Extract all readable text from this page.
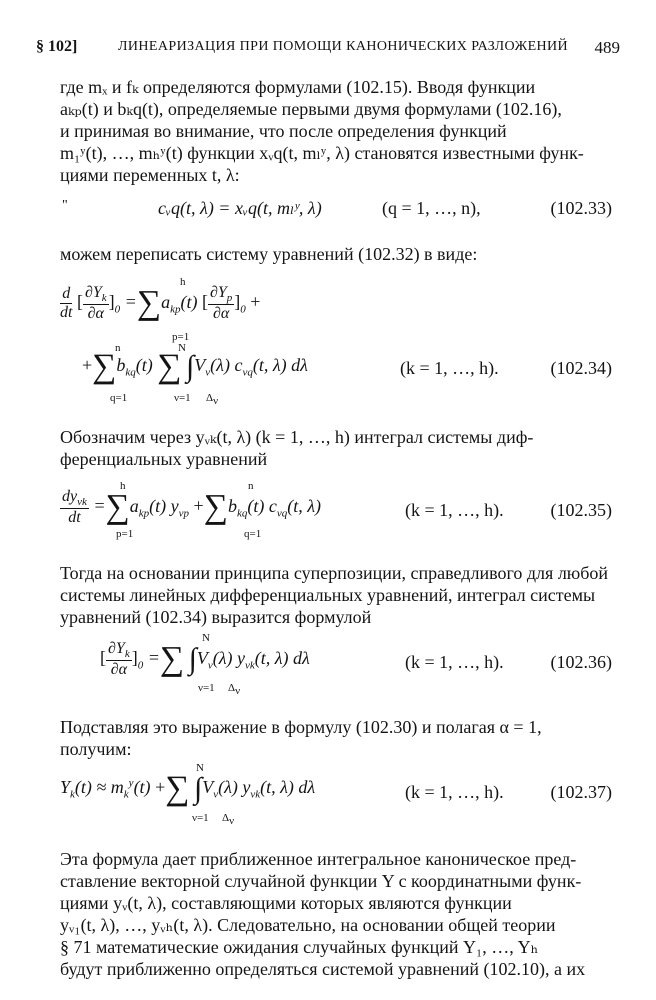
§ 102]	ЛИНЕАРИЗАЦИЯ ПРИ ПОМОЩИ КАНОНИЧЕСКИХ РАЗЛОЖЕНИЙ 489
где mₓ и fₖ определяются формулами (102.15). Вводя функции
aₖₚ(t) и bₖq(t), определяемые первыми двумя формулами (102.16),
и принимая во внимание, что после определения функций
m₁ʸ(t), …, mₕʸ(t) функции xᵥq(t, mₗʸ, λ) становятся известными функ-
циями переменных t, λ:
"	cᵥq(t, λ) = xᵥq(t, mₗʸ, λ)	(q = 1, …, n),	(102.33)
можем переписать систему уравнений (102.32) в виде:
$\frac{d}{dt}$ [ $\frac{\partial Y_k}{\partial\alpha} ]_0 =\sum a_{kp}(t)$ [ $\frac{\partial Y_p}{\partial\alpha} ]_0$ +
h
p=1
$+\sum b_{kq}(t)$ ∑ $\int V_\nu(\lambda)$ $c_{\nu q}(t$, λ) dλ
n
q=1
N
ν=1 $\Delta_\nu$
(k = 1, …, h).	(102.34)
Обозначим через yᵥₖ(t, λ) (k = 1, …, h) интеграл системы диф-
ференциальных уравнений
$\frac{dy_{\nu k}}{dt} =\sum a_{kp}(t)$ $y_{\nu p} +\sum b_{kq}(t)$ $c_{\nu q}(t$, λ)
h
p=1
n
q=1
(k = 1, …, h).	(102.35)
Тогда на основании принципа суперпозиции, справедливого для любой
системы линейных дифференциальных уравнений, интеграл системы
уравнений (102.34) выразится формулой
[ $\frac{\partial Y_k}{\partial\alpha} ]_0$ =∑ $\int V_\nu(\lambda)$ $y_{\nu k}(t$, λ) dλ
N
ν=1 $\Delta_\nu$
(k = 1, …, h).	(102.36)
Подставляя это выражение в формулу (102.30) и полагая α = 1,
получим:
$Y_k(t) \approx m_k^y(t)$ +∑ $\int V_\nu(\lambda)$ $y_{\nu k}(t$, λ) dλ
N
ν=1 $\Delta_\nu$
(k = 1, …, h).	(102.37)
Эта формула дает приближенное интегральное каноническое пред-
ставление векторной случайной функции Y с координатными функ-
циями yᵥ(t, λ), составляющими которых являются функции
yᵥ₁(t, λ), …, yᵥₕ(t, λ). Следовательно, на основании общей теории
§ 71 математические ожидания случайных функций Y₁, …, Yₕ
будут приближенно определяться системой уравнений (102.10), а их
